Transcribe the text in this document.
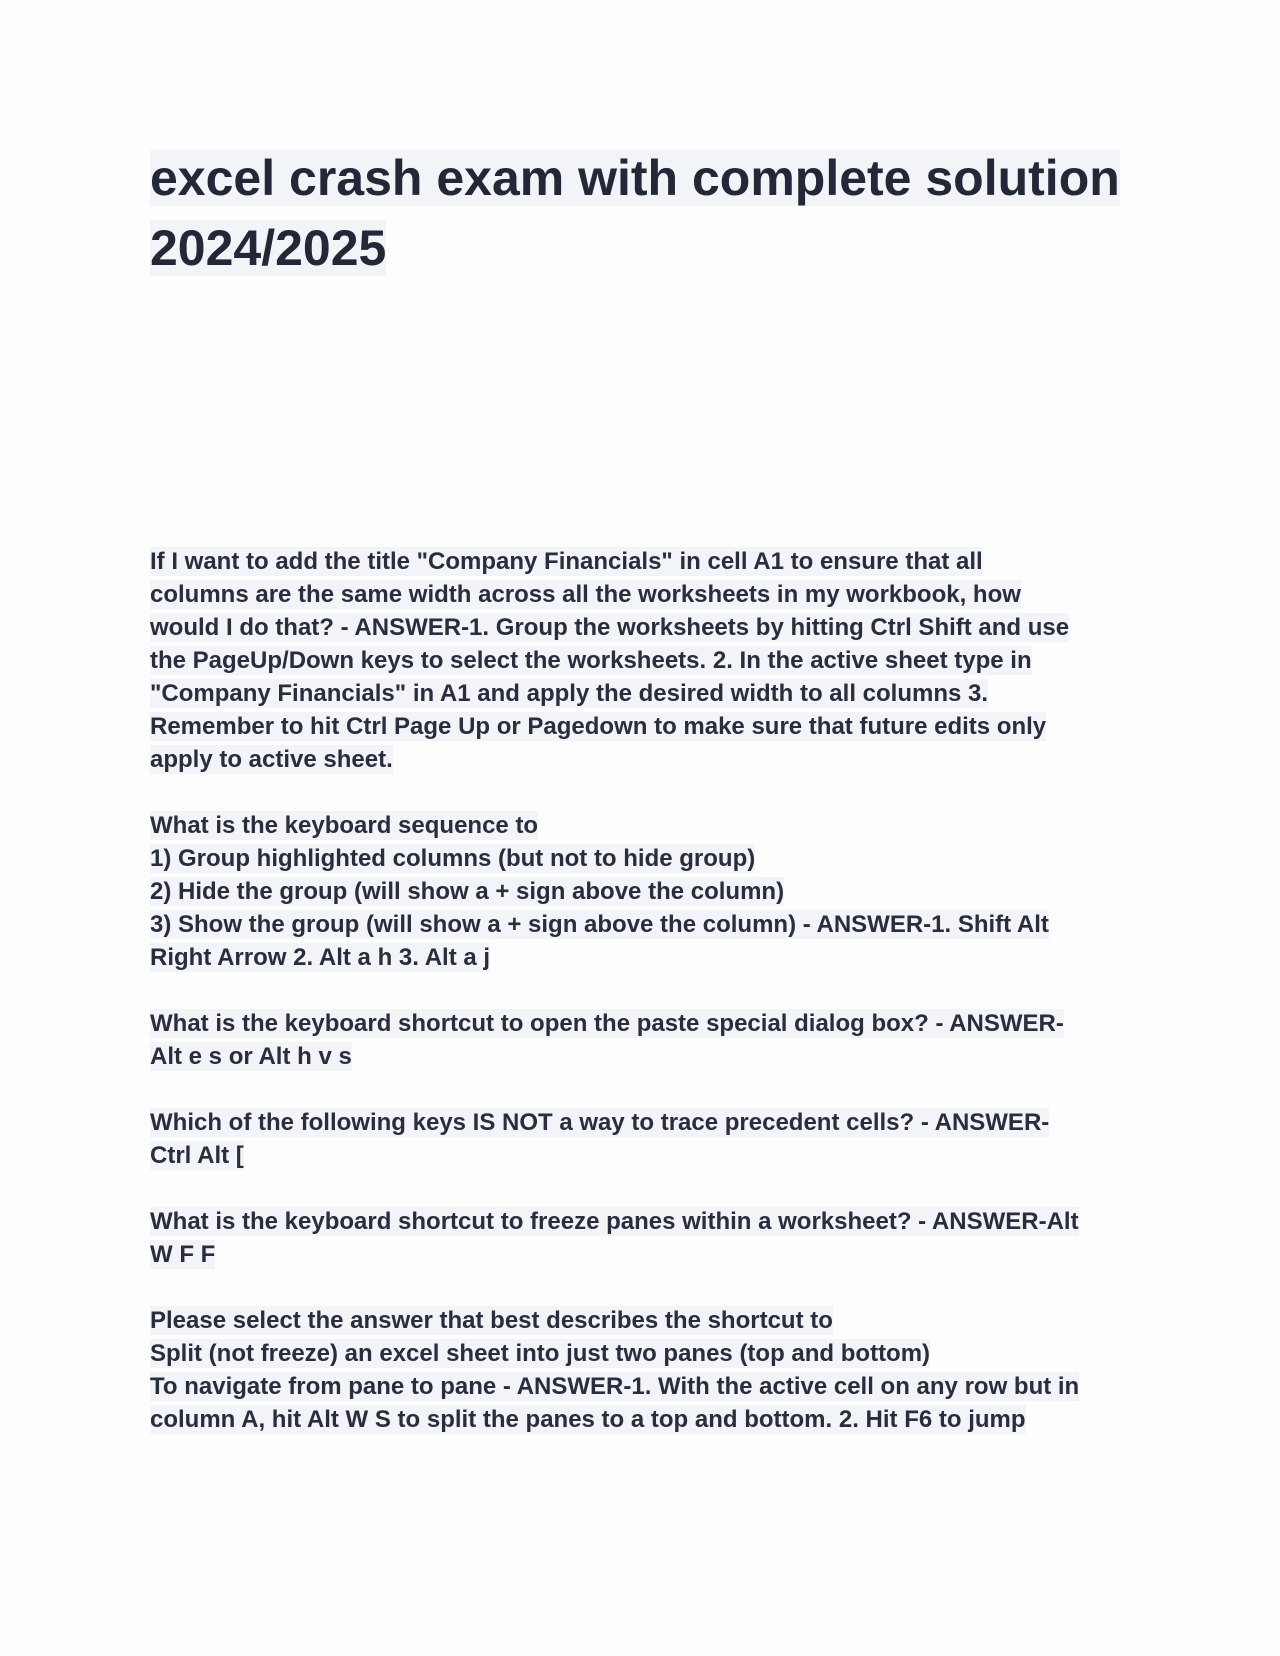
excel crash exam with complete solution
2024/2025

If I want to add the title "Company Financials" in cell A1 to ensure that all
columns are the same width across all the worksheets in my workbook, how
would I do that? - ANSWER-1. Group the worksheets by hitting Ctrl Shift and use
the PageUp/Down keys to select the worksheets. 2. In the active sheet type in
"Company Financials" in A1 and apply the desired width to all columns 3.
Remember to hit Ctrl Page Up or Pagedown to make sure that future edits only
apply to active sheet.

What is the keyboard sequence to
1) Group highlighted columns (but not to hide group)
2) Hide the group (will show a + sign above the column)
3) Show the group (will show a + sign above the column) - ANSWER-1. Shift Alt
Right Arrow 2. Alt a h 3. Alt a j

What is the keyboard shortcut to open the paste special dialog box? - ANSWER-
Alt e s or Alt h v s

Which of the following keys IS NOT a way to trace precedent cells? - ANSWER-
Ctrl Alt [

What is the keyboard shortcut to freeze panes within a worksheet? - ANSWER-Alt
W F F

Please select the answer that best describes the shortcut to
Split (not freeze) an excel sheet into just two panes (top and bottom)
To navigate from pane to pane - ANSWER-1. With the active cell on any row but in
column A, hit Alt W S to split the panes to a top and bottom. 2. Hit F6 to jump
